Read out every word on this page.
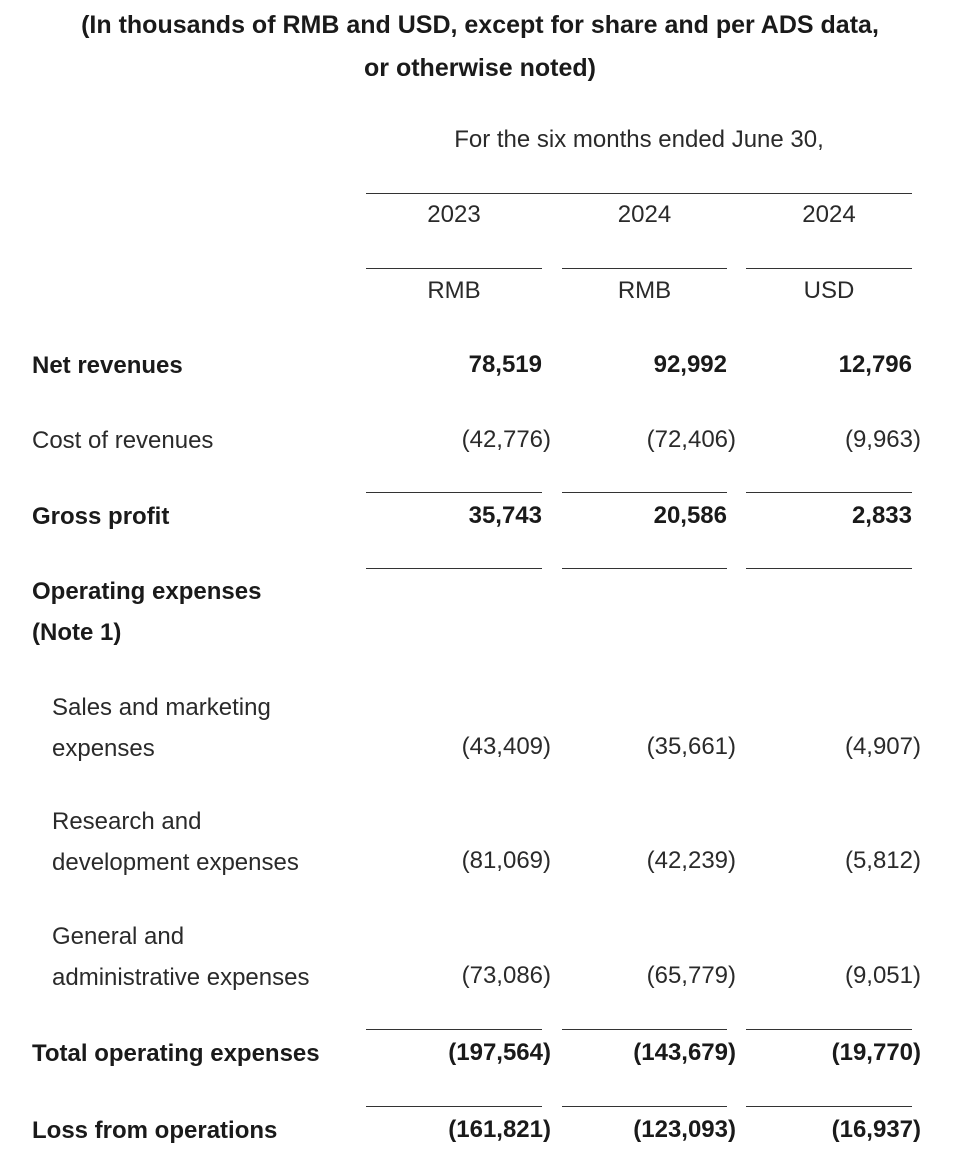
(In thousands of RMB and USD, except for share and per ADS data,
or otherwise noted)
For the six months ended June 30,
2023	2024	2024
RMB	RMB	USD
Net revenues	78,519	92,992	12,796
Cost of revenues	(42,776)	(72,406)	(9,963)
Gross profit	35,743	20,586	2,833
Operating expenses
(Note 1)
Sales and marketing
expenses	(43,409)	(35,661)	(4,907)
Research and
development expenses	(81,069)	(42,239)	(5,812)
General and
administrative expenses	(73,086)	(65,779)	(9,051)
Total operating expenses	(197,564)	(143,679)	(19,770)
Loss from operations	(161,821)	(123,093)	(16,937)
